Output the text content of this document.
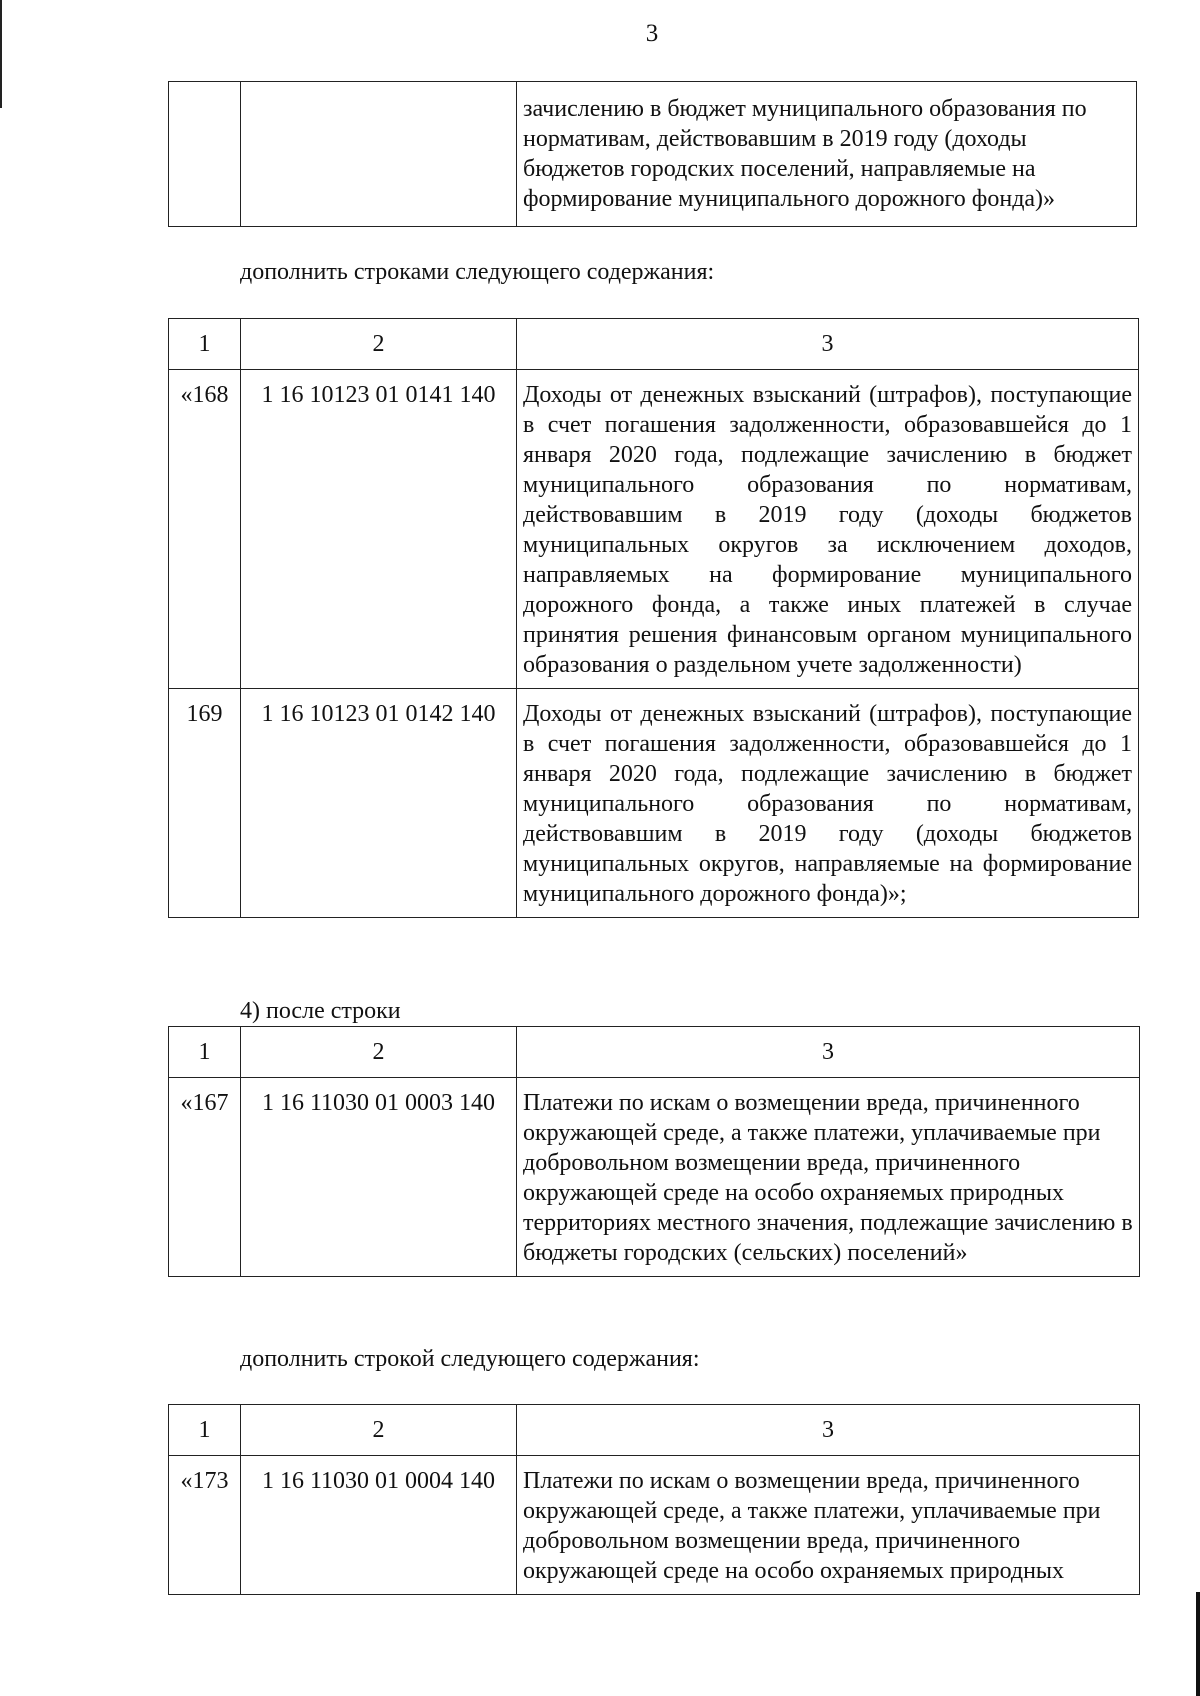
3
		зачислению в бюджет муниципального образования по нормативам, действовавшим в 2019 году (доходы бюджетов городских поселений, направляемые на формирование муниципального дорожного фонда)»
дополнить строками следующего содержания:
1	2	3
«168	1 16 10123 01 0141 140	Доходы от денежных взысканий (штрафов), поступающие в счет погашения задолженности, образовавшейся до 1 января 2020 года, подлежащие зачислению в бюджет муниципального образования по нормативам, действовавшим в 2019 году (доходы бюджетов муниципальных округов за исключением доходов, направляемых на формирование муниципального дорожного фонда, а также иных платежей в случае принятия решения финансовым органом муниципального образования о раздельном учете задолженности)
169	1 16 10123 01 0142 140	Доходы от денежных взысканий (штрафов), поступающие в счет погашения задолженности, образовавшейся до 1 января 2020 года, подлежащие зачислению в бюджет муниципального образования по нормативам, действовавшим в 2019 году (доходы бюджетов муниципальных округов, направляемые на формирование муниципального дорожного фонда)»;
4) после строки
1	2	3
«167	1 16 11030 01 0003 140	Платежи по искам о возмещении вреда, причиненного окружающей среде, а также платежи, уплачиваемые при добровольном возмещении вреда, причиненного окружающей среде на особо охраняемых природных территориях местного значения, подлежащие зачислению в бюджеты городских (сельских) поселений»
дополнить строкой следующего содержания:
1	2	3
«173	1 16 11030 01 0004 140	Платежи по искам о возмещении вреда, причиненного окружающей среде, а также платежи, уплачиваемые при добровольном возмещении вреда, причиненного окружающей среде на особо охраняемых природных
